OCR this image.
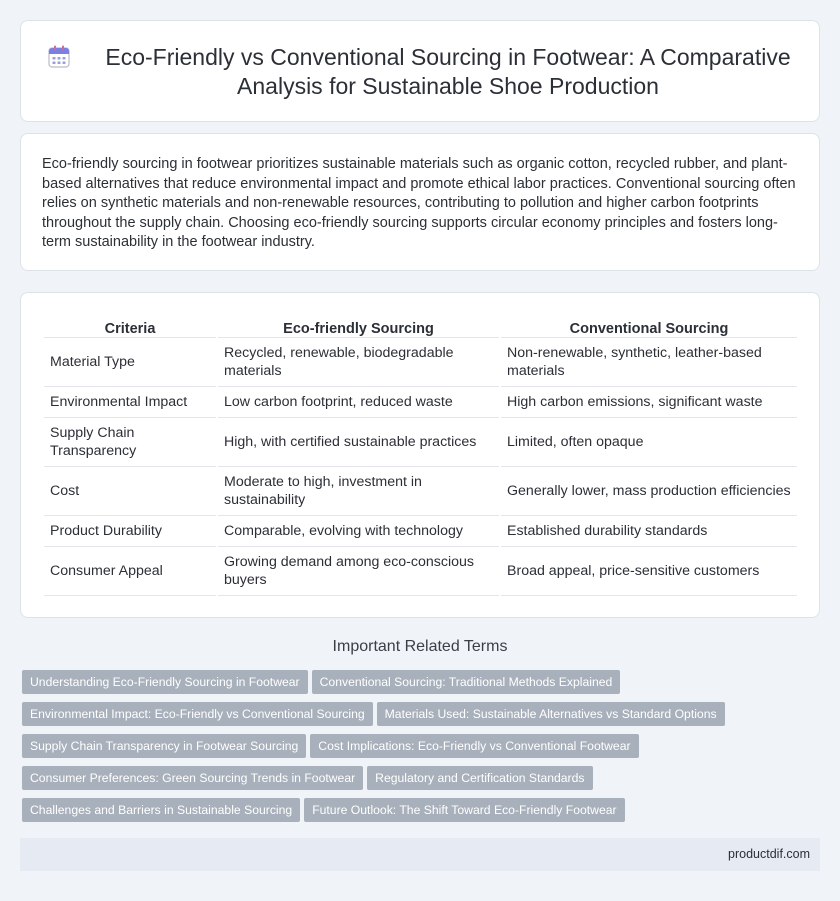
Eco-Friendly vs Conventional Sourcing in Footwear: A Comparative Analysis for Sustainable Shoe Production

Eco-friendly sourcing in footwear prioritizes sustainable materials such as organic cotton, recycled rubber, and plant-based alternatives that reduce environmental impact and promote ethical labor practices. Conventional sourcing often relies on synthetic materials and non-renewable resources, contributing to pollution and higher carbon footprints throughout the supply chain. Choosing eco-friendly sourcing supports circular economy principles and fosters long-term sustainability in the footwear industry.

Criteria	Eco-friendly Sourcing	Conventional Sourcing
Material Type	Recycled, renewable, biodegradable materials	Non-renewable, synthetic, leather-based materials
Environmental Impact	Low carbon footprint, reduced waste	High carbon emissions, significant waste
Supply Chain Transparency	High, with certified sustainable practices	Limited, often opaque
Cost	Moderate to high, investment in sustainability	Generally lower, mass production efficiencies
Product Durability	Comparable, evolving with technology	Established durability standards
Consumer Appeal	Growing demand among eco-conscious buyers	Broad appeal, price-sensitive customers
Important Related Terms
Understanding Eco-Friendly Sourcing in Footwear Conventional Sourcing: Traditional Methods Explained
Environmental Impact: Eco-Friendly vs Conventional Sourcing Materials Used: Sustainable Alternatives vs Standard Options
Supply Chain Transparency in Footwear Sourcing Cost Implications: Eco-Friendly vs Conventional Footwear
Consumer Preferences: Green Sourcing Trends in Footwear Regulatory and Certification Standards
Challenges and Barriers in Sustainable Sourcing Future Outlook: The Shift Toward Eco-Friendly Footwear
productdif.com
